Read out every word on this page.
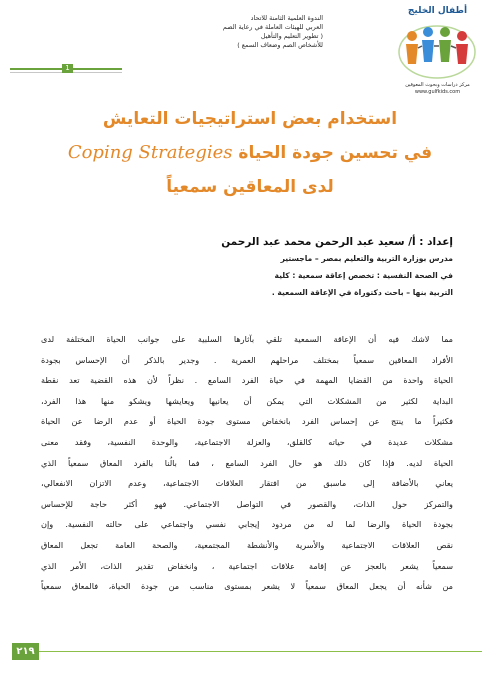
الندوة العلمية الثامنة للاتحاد
العربي للهيئات العاملة في رعاية الصم
( تطوير التعليم والتأهيل
للأشخاص الصم وضعاف السمع )
1
أطفال الخليج
مركز دراسات وبحوث المعوقين
www.gulfkids.com
استخدام بعض استراتيجيات التعايش
في تحسين جودة الحياة Coping Strategies
لدى المعاقين سمعياً
إعداد : أ/ سعيد عبد الرحمن محمد عبد الرحمن
مدرس بوزارة التربية والتعليم بمصر – ماجستير
في الصحة النفسية : تخصص إعاقة سمعية : كلية
التربية بنها – باحث دكتوراة في الإعاقة السمعية .
مما لاشك فيه أن الإعاقة السمعية تلقي بآثارها السلبية على جوانب الحياة المختلفة لدى
الأفراد المعاقين سمعياً بمختلف مراحلهم العمرية . وجدير بالذكر أن الإحساس بجودة
الحياة واحدة من القضايا المهمة في حياة الفرد السامع . نظراً لأن هذه القضية تعد نقطة
البداية لكثير من المشكلات التي يمكن أن يعانيها ويعايشها ويشكو منها هذا الفرد،
فكثيراً ما ينتج عن إحساس الفرد بانخفاض مستوى جودة الحياة أو عدم الرضا عن الحياة
مشكلات عديدة في حياته كالقلق، والعزلة الاجتماعية، والوحدة النفسية، وفقد معنى
الحياة لديه. فإذا كان ذلك هو حال الفرد السامع ، فما بالُنا بالفرد المعاق سمعياً الذي
يعاني بالأضافة إلى ماسبق من افتقار العلاقات الاجتماعية، وعدم الاتزان الانفعالي،
والتمركز حول الذات، والقصور في التواصل الاجتماعي. فهو أكثر حاجة للإحساس
بجودة الحياة والرضا لما له من مردود إيجابي نفسي واجتماعي على حالته النفسية. وإن
نقص العلاقات الاجتماعية والأسرية والأنشطة المجتمعية، والصحة العامة تجعل المعاق
سمعياً يشعر بالعجز عن إقامة علاقات اجتماعية ، وانخفاض تقدير الذات، الأمر الذي
من شأنه أن يجعل المعاق سمعياً لا يشعر بمستوى مناسب من جودة الحياة، فالمعاق سمعياً
٢١٩
